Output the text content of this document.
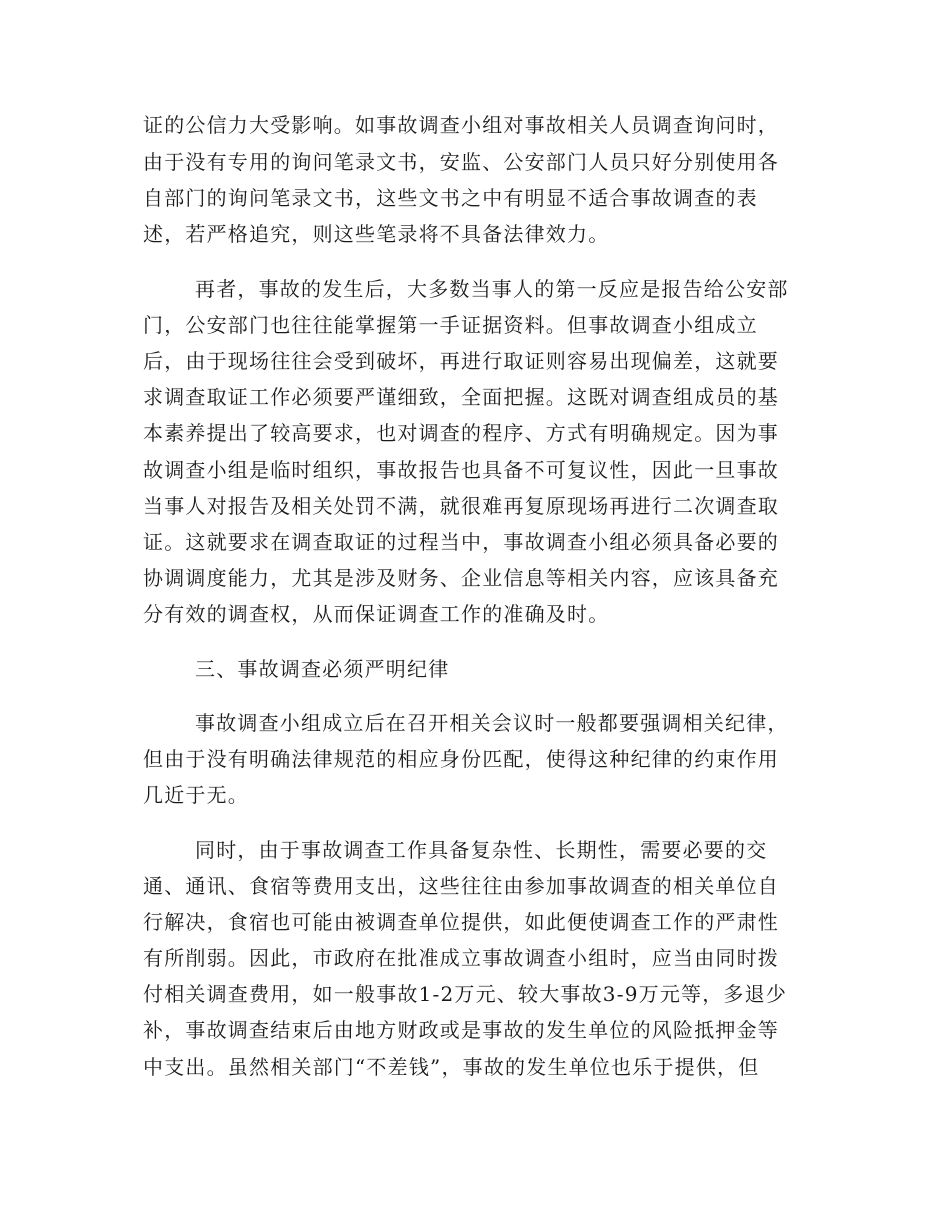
证的公信力大受影响。如事故调查小组对事故相关人员调查询问时，
由于没有专用的询问笔录文书，安监、公安部门人员只好分别使用各
自部门的询问笔录文书，这些文书之中有明显不适合事故调查的表
述，若严格追究，则这些笔录将不具备法律效力。
再者，事故的发生后，大多数当事人的第一反应是报告给公安部
门，公安部门也往往能掌握第一手证据资料。但事故调查小组成立
后，由于现场往往会受到破坏，再进行取证则容易出现偏差，这就要
求调查取证工作必须要严谨细致，全面把握。这既对调查组成员的基
本素养提出了较高要求，也对调查的程序、方式有明确规定。因为事
故调查小组是临时组织，事故报告也具备不可复议性，因此一旦事故
当事人对报告及相关处罚不满，就很难再复原现场再进行二次调查取
证。这就要求在调查取证的过程当中，事故调查小组必须具备必要的
协调调度能力，尤其是涉及财务、企业信息等相关内容，应该具备充
分有效的调查权，从而保证调查工作的准确及时。
三、事故调查必须严明纪律
事故调查小组成立后在召开相关会议时一般都要强调相关纪律，
但由于没有明确法律规范的相应身份匹配，使得这种纪律的约束作用
几近于无。
同时，由于事故调查工作具备复杂性、长期性，需要必要的交
通、通讯、食宿等费用支出，这些往往由参加事故调查的相关单位自
行解决，食宿也可能由被调查单位提供，如此便使调查工作的严肃性
有所削弱。因此，市政府在批准成立事故调查小组时，应当由同时拨
付相关调查费用，如一般事故1-2万元、较大事故3-9万元等，多退少
补，事故调查结束后由地方财政或是事故的发生单位的风险抵押金等
中支出。虽然相关部门“不差钱”，事故的发生单位也乐于提供，但
